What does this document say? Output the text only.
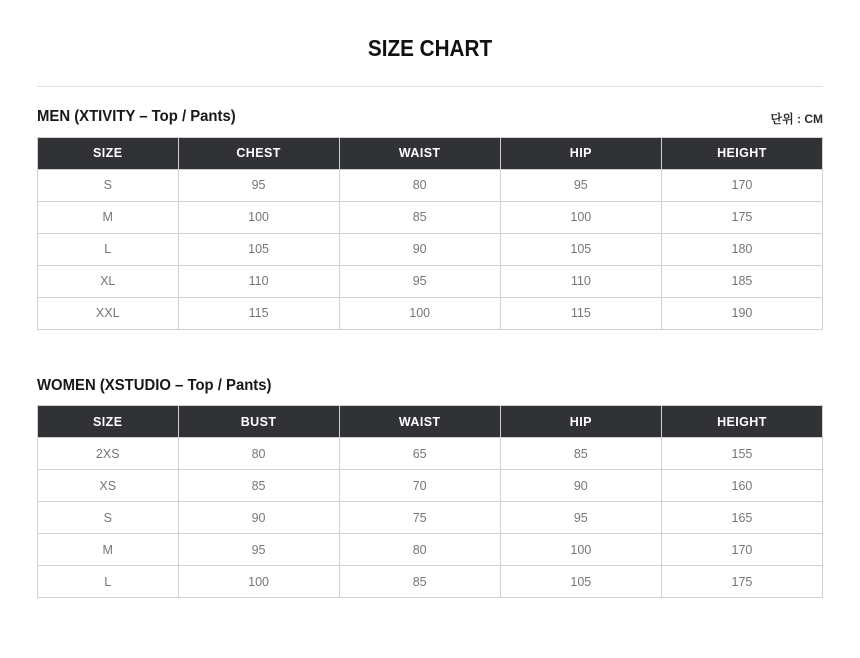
SIZE CHART
MEN (XTIVITY – Top / Pants)	단위 : CM
SIZE	CHEST	WAIST	HIP	HEIGHT
S	95	80	95	170
M	100	85	100	175
L	105	90	105	180
XL	110	95	110	185
XXL	115	100	115	190
WOMEN (XSTUDIO – Top / Pants)
SIZE	BUST	WAIST	HIP	HEIGHT
2XS	80	65	85	155
XS	85	70	90	160
S	90	75	95	165
M	95	80	100	170
L	100	85	105	175
